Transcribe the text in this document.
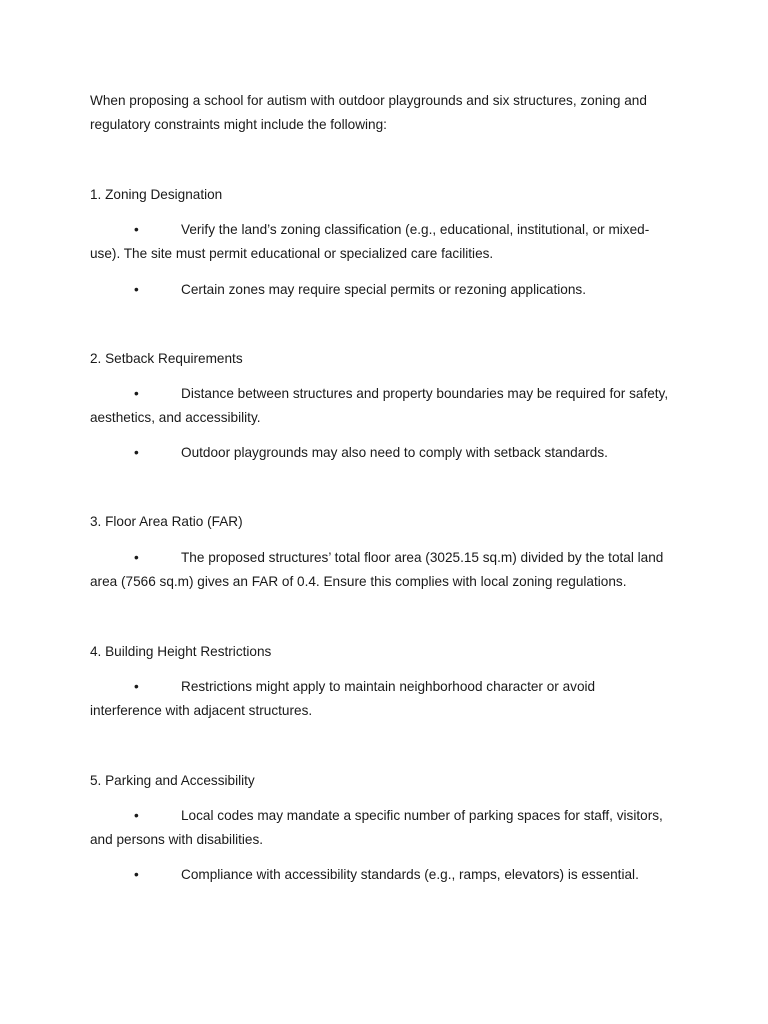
When proposing a school for autism with outdoor playgrounds and six structures, zoning and
regulatory constraints might include the following:

1. Zoning Designation

•	Verify the land’s zoning classification (e.g., educational, institutional, or mixed-
use). The site must permit educational or specialized care facilities.
•	Certain zones may require special permits or rezoning applications.

2. Setback Requirements

•	Distance between structures and property boundaries may be required for safety,
aesthetics, and accessibility.
•	Outdoor playgrounds may also need to comply with setback standards.

3. Floor Area Ratio (FAR)

•	The proposed structures’ total floor area (3025.15 sq.m) divided by the total land
area (7566 sq.m) gives an FAR of 0.4. Ensure this complies with local zoning regulations.

4. Building Height Restrictions

•	Restrictions might apply to maintain neighborhood character or avoid
interference with adjacent structures.

5. Parking and Accessibility

•	Local codes may mandate a specific number of parking spaces for staff, visitors,
and persons with disabilities.
•	Compliance with accessibility standards (e.g., ramps, elevators) is essential.
